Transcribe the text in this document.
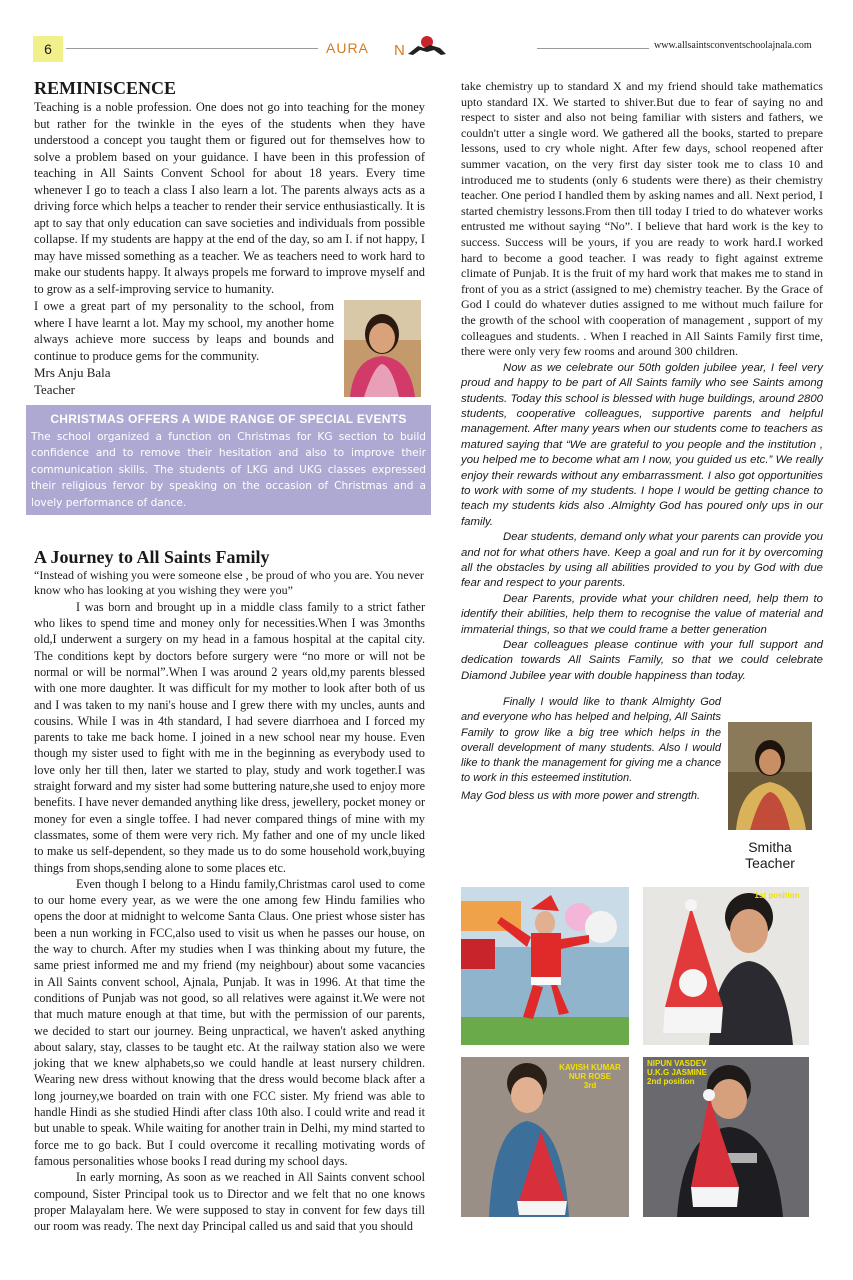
6	AURA N	www.allsaintsconventschoolajnala.com
REMINISCENCE

Teaching is a noble profession. One does not go into teaching for the money but rather for the twinkle in the eyes of the students when they have understood a concept you taught them or figured out for themselves how to solve a problem based on your guidance. I have been in this profession of teaching in All Saints Convent School for about 18 years. Every time whenever I go to teach a class I also learn a lot. The parents always acts as a driving force which helps a teacher to render their service enthusiastically. It is apt to say that only education can save societies and individuals from possible collapse. If my students are happy at the end of the day, so am I. if not happy, I may have missed something as a teacher. We as teachers need to work hard to make our students happy. It always propels me forward to improve myself and to grow as a self-improving service to humanity.

I owe a great part of my personality to the school, from where I have learnt a lot. May my school, my another home always achieve more success by leaps and bounds and continue to produce gems for the community.

Mrs Anju Bala
Teacher
CHRISTMAS OFFERS A WIDE RANGE OF SPECIAL EVENTS

The school organized a function on Christmas for KG section to build confidence and to remove their hesitation and also to improve their communication skills. The students of LKG and UKG classes expressed their religious fervor by speaking on the occasion of Christmas and a lovely performance of dance.

A Journey to All Saints Family

“Instead of wishing you were someone else , be proud of who you are. You never know who has looking at you wishing they were you”

I was born and brought up in a middle class family to a strict father who likes to spend time and money only for necessities.When I was 3months old,I underwent a surgery on my head in a famous hospital at the capital city. The conditions kept by doctors before surgery were “no more or will not be normal or will be normal”.When I was around 2 years old,my parents blessed with one more daughter. It was difficult for my mother to look after both of us and I was taken to my nani's house and I grew there with my uncles, aunts and cousins. While I was in 4th standard, I had severe diarrhoea and I forced my parents to take me back home. I joined in a new school near my house. Even though my sister used to fight with me in the beginning as everybody used to love only her till then, later we started to play, study and work together.I was straight forward and my sister had some buttering nature,she used to enjoy more benefits. I have never demanded anything like dress, jewellery, pocket money or money for even a single toffee. I had never compared things of mine with my classmates, some of them were very rich. My father and one of my uncle liked to make us self-dependent, so they made us to do some household work,buying things from shops,sending alone to some places etc.

Even though I belong to a Hindu family,Christmas carol used to come to our home every year, as we were the one among few Hindu families who opens the door at midnight to welcome Santa Claus. One priest whose sister has been a nun working in FCC,also used to visit us when he passes our house, on the way to church. After my studies when I was thinking about my future, the same priest informed me and my friend (my neighbour) about some vacancies in All Saints convent school, Ajnala, Punjab. It was in 1996. At that time the conditions of Punjab was not good, so all relatives were against it.We were not that much mature enough at that time, but with the permission of our parents, we decided to start our journey. Being unpractical, we haven't asked anything about salary, stay, classes to be taught etc. At the railway station also we were joking that we knew alphabets,so we could handle at least nursery children. Wearing new dress without knowing that the dress would become black after a long journey,we boarded on train with one FCC sister. My friend was able to handle Hindi as she studied Hindi after class 10th also. I could write and read it but unable to speak. While waiting for another train in Delhi, my mind started to force me to go back. But I could overcome it recalling motivating words of famous personalities whose books I read during my school days.

In early morning, As soon as we reached in All Saints convent school compound, Sister Principal took us to Director and we felt that no one knows proper Malayalam here. We were supposed to stay in convent for few days till our room was ready. The next day Principal called us and said that you should

take chemistry up to standard X and my friend should take mathematics upto standard IX. We started to shiver.But due to fear of saying no and respect to sister and also not being familiar with sisters and fathers, we couldn't utter a single word. We gathered all the books, started to prepare lessons, used to cry whole night. After few days, school reopened after summer vacation, on the very first day sister took me to class 10 and introduced me to students (only 6 students were there) as their chemistry teacher. One period I handled them by asking names and all. Next period, I started chemistry lessons.From then till today I tried to do whatever works entrusted me without saying “No”. I believe that hard work is the key to success. Success will be yours, if you are ready to work hard.I worked hard to become a good teacher. I was ready to fight against extreme climate of Punjab. It is the fruit of my hard work that makes me to stand in front of you as a strict (assigned to me) chemistry teacher. By the Grace of God I could do whatever duties assigned to me without much failure for the growth of the school with cooperation of management , support of my colleagues and students. . When I reached in All Saints Family first time, there were only very few rooms and around 300 children.

Now as we celebrate our 50th golden jubilee year, I feel very proud and happy to be part of All Saints family who see Saints among students. Today this school is blessed with huge buildings, around 2800 students, cooperative colleagues, supportive parents and helpful management. After many years when our students come to teachers as matured saying that “We are grateful to you people and the institution , you helped me to become what am I now, you guided us etc.” We really enjoy their rewards without any embarrassment. I also got opportunities to work with some of my students. I hope I would be getting chance to teach my students kids also .Almighty God has poured only ups in our family.

Dear students, demand only what your parents can provide you and not for what others have. Keep a goal and run for it by overcoming all the obstacles by using all abilities provided to you by God with due fear and respect to your parents.

Dear Parents, provide what your children need, help them to identify their abilities, help them to recognise the value of material and immaterial things, so that we could frame a better generation

Dear colleagues please continue with your full support and dedication towards All Saints Family, so that we could celebrate Diamond Jubilee year with double happiness than today.

Finally I would like to thank Almighty God and everyone who has helped and helping, All Saints Family to grow like a big tree which helps in the overall development of many students. Also I would like to thank the management for giving me a chance to work in this esteemed institution.

May God bless us with more power and strength.

Smitha
Teacher
1st position
KAVISH KUMAR
NUR ROSE
3rd
NIPUN VASDEV
U.K.G JASMINE
2nd position
